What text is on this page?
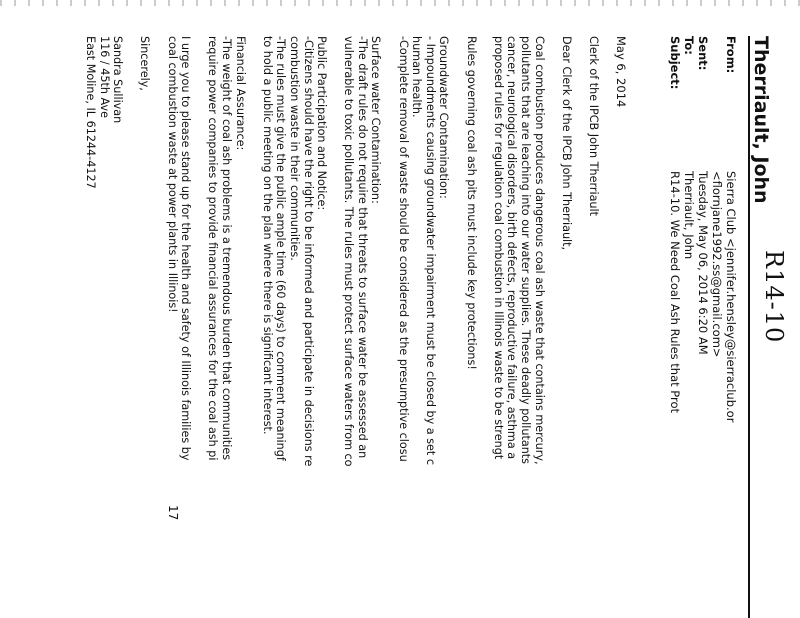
R14-10
Therriault, John
From:
Sierra Club <jennifer.hensley@sierraclub.or
<flornjane1992.ss@gmail.com>
Sent:
Tuesday, May 06, 2014 6:20 AM
To:
Therriault, John
Subject:
R14-10. We Need Coal Ash Rules that Prot
May 6, 2014
Clerk of the IPCB John Therriault
Dear Clerk of the IPCB John Therriault,
Coal combustion produces dangerous coal ash waste that contains mercury,
pollutants that are leaching into our water supplies. These deadly pollutants
cancer, neurological disorders, birth defects, reproductive failure, asthma a
proposed rules for regulation coal combustion in Illinois waste to be strengt
Rules governing coal ash pits must include key protections!
Groundwater Contamination:
- Impoundments causing groundwater impairment must be closed by a set c
human health.
-Complete removal of waste should be considered as the presumptive closu
Surface water Contamination:
-The draft rules do not require that threats to surface water be assessed an
vulnerable to toxic pollutants. The rules must protect surface waters from co
Public Participation and Notice:
-Citizens should have the right to be informed and participate in decisions re
combustion waste in their communities.
-The rules must give the public ample time (60 days) to comment meaningf
to hold a public meeting on the plan where there is significant interest.
Financial Assurance:
-The weight of coal ash problems is a tremendous burden that communities
require power companies to provide financial assurances for the coal ash pi
I urge you to please stand up for the health and safety of Illinois families by
coal combustion waste at power plants in Illinois!
Sincerely,
Sandra Sullivan
116 / 45th Ave
East Moline, IL 61244-4127
17
